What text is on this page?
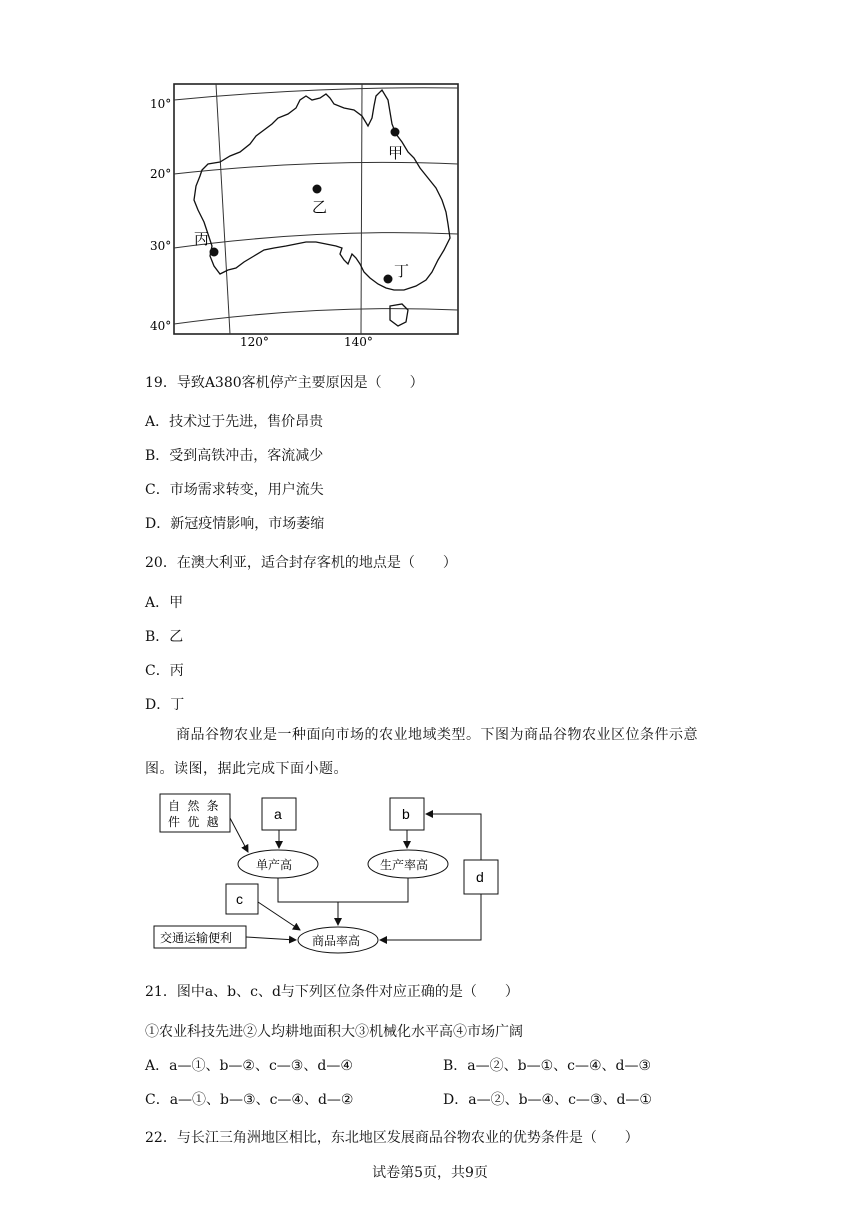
甲
乙
丙
丁
10°
20°
30°
40°
120°	140°
19．导致A380客机停产主要原因是（　　）
A．技术过于先进，售价昂贵
B．受到高铁冲击，客流减少
C．市场需求转变，用户流失
D．新冠疫情影响，市场萎缩
20．在澳大利亚，适合封存客机的地点是（　　）
A．甲
B．乙
C．丙
D．丁
商品谷物农业是一种面向市场的农业地域类型。下图为商品谷物农业区位条件示意
图。读图，据此完成下面小题。
自 然 条
件 优 越	a	b
单产高	生产率高
d
c
交通运输便利	商品率高
21．图中a、b、c、d与下列区位条件对应正确的是（　　）
①农业科技先进②人均耕地面积大③机械化水平高④市场广阔
A．a—①、b—②、c—③、d—④	B．a—②、b—①、c—④、d—③
C．a—①、b—③、c—④、d—②	D．a—②、b—④、c—③、d—①
22．与长江三角洲地区相比，东北地区发展商品谷物农业的优势条件是（　　）
试卷第5页，共9页
